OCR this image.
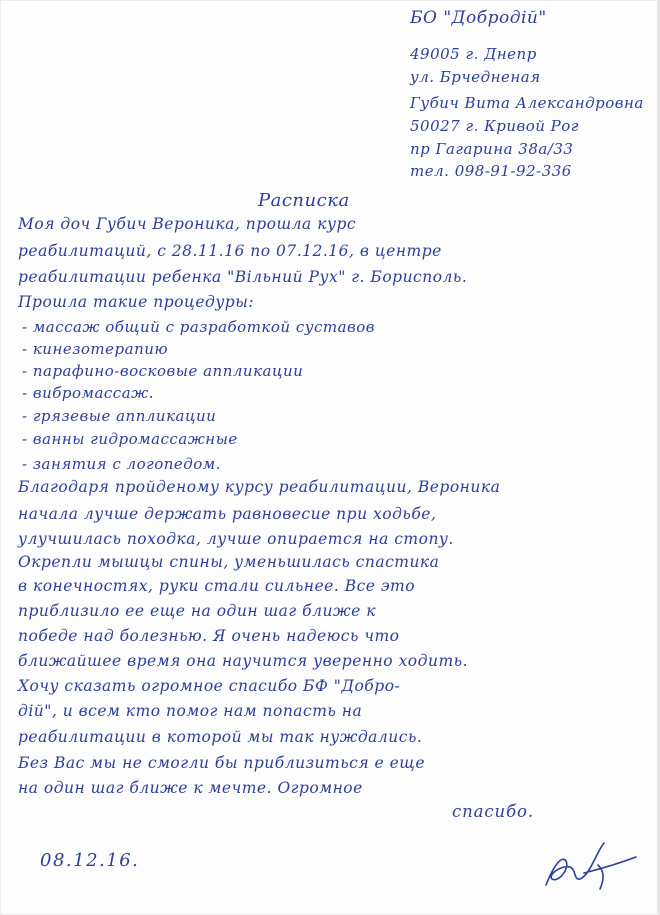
БО "Добродій"
49005 г. Днепр
ул. Брчедненая
Губич Вита Александровна
50027 г. Кривой Рог
пр Гагарина 38а/33
тел. 098-91-92-336
Расписка
Моя доч Губич Вероника, прошла курс
реабилитаций, с 28.11.16 по 07.12.16, в центре
реабилитации ребенка "Вільний Рух" г. Борисполь.
Прошла такие процедуры:
- массаж общий с разработкой суставов
- кинезотерапию
- парафино-восковые аппликации
- вибромассаж.
- грязевые аппликации
- ванны гидромассажные
- занятия с логопедом.
Благодаря пройденому курсу реабилитации, Вероника
начала лучше держать равновесие при ходьбе,
улучшилась походка, лучше опирается на стопу.
Окрепли мышцы спины, уменьшилась спастика
в конечностях, руки стали сильнее. Все это
приблизило ее еще на один шаг ближе к
победе над болезнью. Я очень надеюсь что
ближайшее время она научится уверенно ходить.
Хочу сказать огромное спасибо БФ "Добро-
дій", и всем кто помог нам попасть на
реабилитации в которой мы так нуждались.
Без Вас мы не смогли бы приблизиться е еще
на один шаг ближе к мечте. Огромное
спасибо.
08.12.16.
